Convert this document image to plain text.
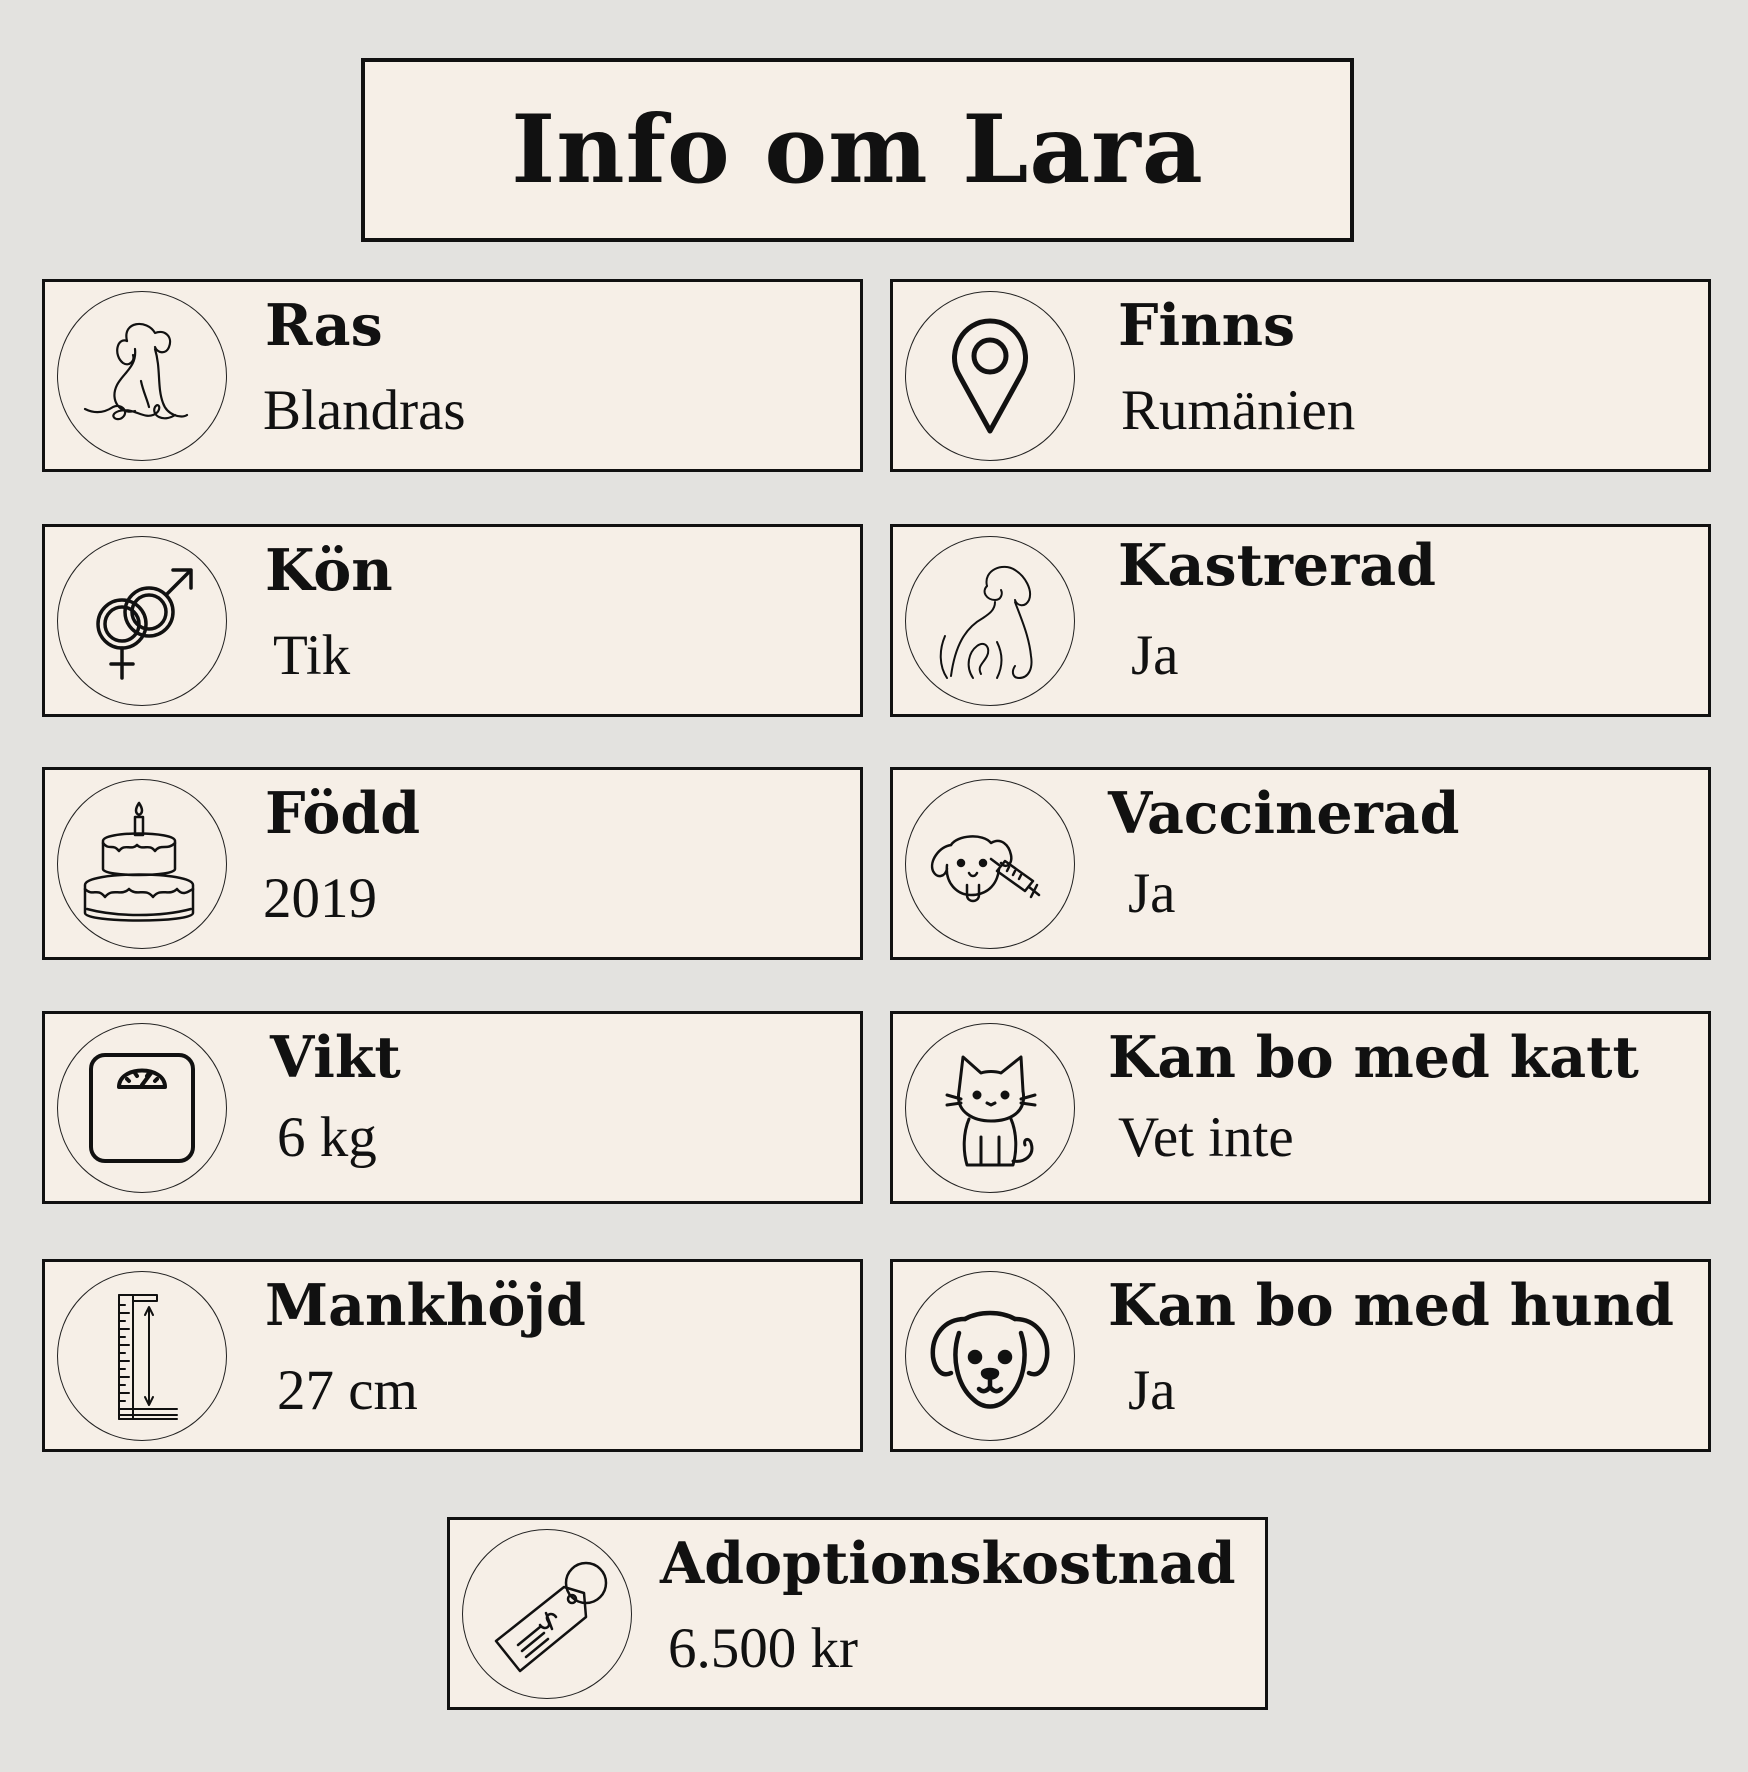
Info om Lara
Ras
Blandras
Finns
Rumänien
Kön
Tik
Kastrerad
Ja
Född
2019
Vaccinerad
Ja
Vikt
6 kg
Kan bo med katt
Vet inte
Mankhöjd
27 cm
Kan bo med hund
Ja
Adoptionskostnad
6.500 kr
